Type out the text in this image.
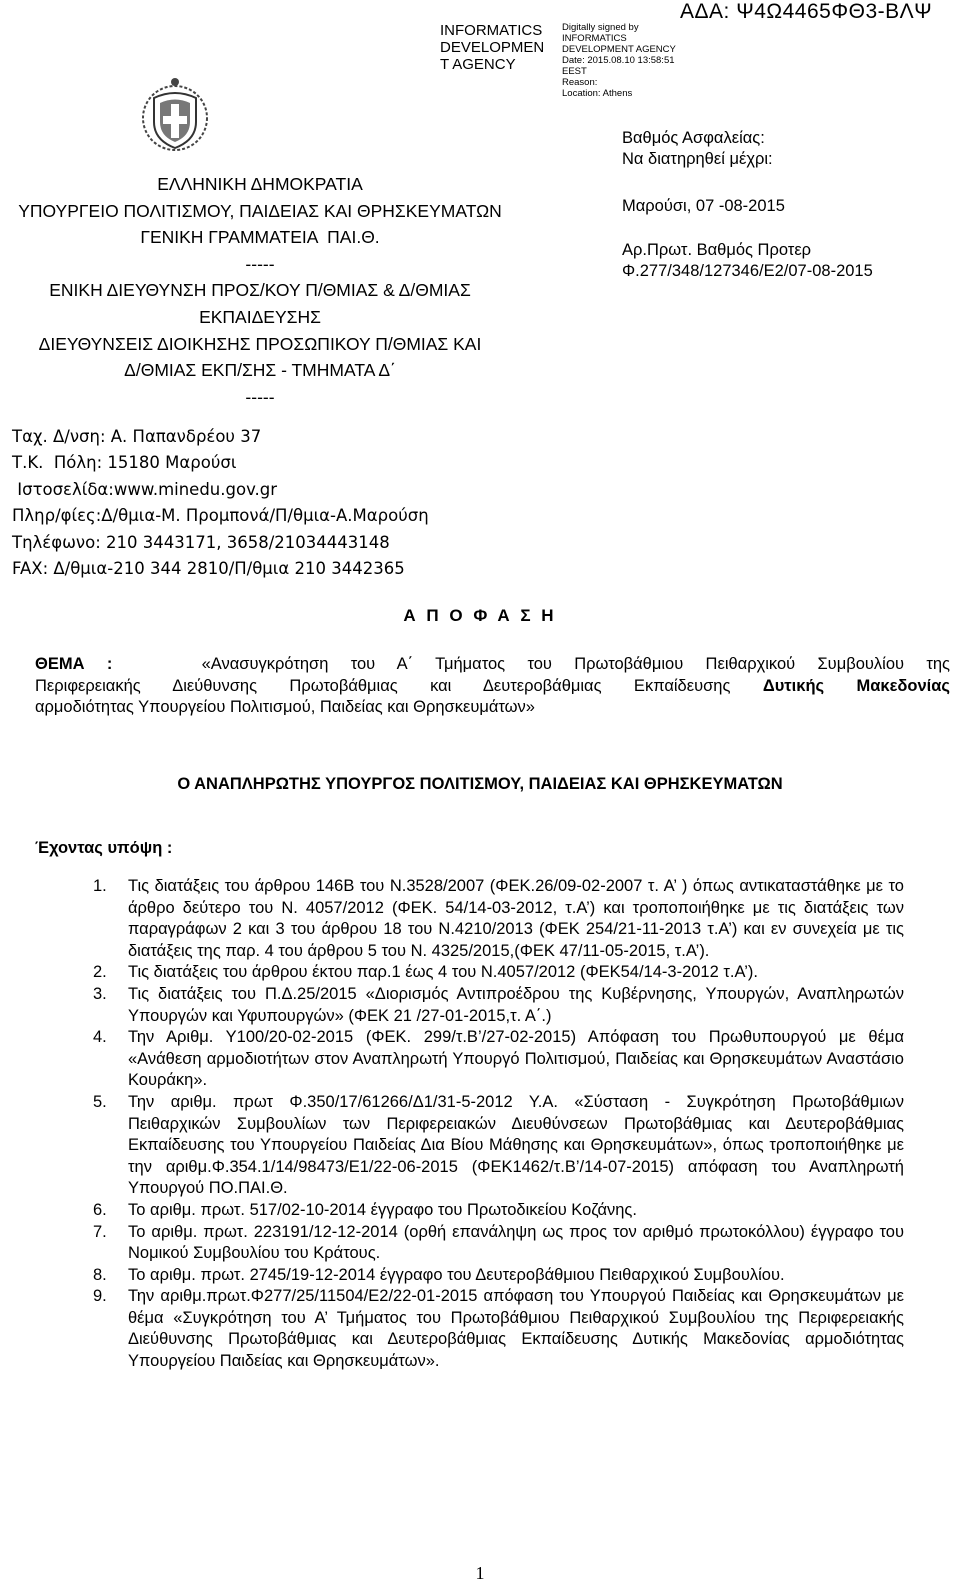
INFORMATICS
DEVELOPMEN
T AGENCY
Digitally signed by
INFORMATICS
DEVELOPMENT AGENCY
Date: 2015.08.10 13:58:51
EEST
Reason:
Location: Athens
ΑΔΑ: Ψ4Ω4465ΦΘ3-ΒΛΨ
ΕΛΛΗΝΙΚΗ ΔΗΜΟΚΡΑΤΙΑ
ΥΠΟΥΡΓΕΙΟ ΠΟΛΙΤΙΣΜΟΥ, ΠΑΙΔΕΙΑΣ ΚΑΙ ΘΡΗΣΚΕΥΜΑΤΩΝ
ΓΕΝΙΚΗ ΓΡΑΜΜΑΤΕΙΑ  ΠΑΙ.Θ.
-----
ΕΝΙΚΗ ΔΙΕΥΘΥΝΣΗ ΠΡΟΣ/ΚΟΥ Π/ΘΜΙΑΣ & Δ/ΘΜΙΑΣ
ΕΚΠΑΙΔΕΥΣΗΣ
ΔΙΕΥΘΥΝΣΕΙΣ ΔΙΟΙΚΗΣΗΣ ΠΡΟΣΩΠΙΚΟΥ Π/ΘΜΙΑΣ ΚΑΙ
Δ/ΘΜΙΑΣ ΕΚΠ/ΣΗΣ - ΤΜΗΜΑΤΑ Δ΄
-----
Ταχ. Δ/νση: Α. Παπανδρέου 37
Τ.Κ.  Πόλη: 15180 Μαρούσι
Ιστοσελίδα:www.minedu.gov.gr
Πληρ/φίες:Δ/θμια-Μ. Προμπονά/Π/θμια-Α.Μαρούση
Τηλέφωνο: 210 3443171, 3658/21034443148
FAX: Δ/θμια-210 344 2810/Π/θμια 210 3442365
Βαθμός Ασφαλείας:
Να διατηρηθεί μέχρι:
Μαρούσι, 07 -08-2015
Αρ.Πρωτ. Βαθμός Προτερ
Φ.277/348/127346/Ε2/07-08-2015
Α Π Ο Φ Α Σ Η
ΘΕΜΑ :	«Ανασυγκρότηση του Α΄ Τμήματος του Πρωτοβάθμιου Πειθαρχικού Συμβουλίου της
Περιφερειακής Διεύθυνσης Πρωτοβάθμιας και Δευτεροβάθμιας Εκπαίδευσης Δυτικής Μακεδονίας
αρμοδιότητας Υπουργείου Πολιτισμού, Παιδείας και Θρησκευμάτων»
Ο ΑΝΑΠΛΗΡΩΤΗΣ ΥΠΟΥΡΓΟΣ ΠΟΛΙΤΙΣΜΟΥ, ΠΑΙΔΕΙΑΣ ΚΑΙ ΘΡΗΣΚΕΥΜΑΤΩΝ
Έχοντας υπόψη :
1. Τις διατάξεις του άρθρου 146Β του Ν.3528/2007 (ΦΕΚ.26/09-02-2007 τ. Α’ ) όπως αντικαταστάθηκε με το άρθρο δεύτερο του Ν. 4057/2012 (ΦΕΚ. 54/14-03-2012, τ.Α’) και τροποποιήθηκε με τις διατάξεις των παραγράφων 2 και 3 του άρθρου 18 του Ν.4210/2013 (ΦΕΚ 254/21-11-2013 τ.Α’) και εν συνεχεία με τις διατάξεις της παρ. 4 του άρθρου 5 του Ν. 4325/2015,(ΦΕΚ 47/11-05-2015, τ.Α’).
2. Τις διατάξεις του άρθρου έκτου παρ.1 έως 4 του Ν.4057/2012 (ΦΕΚ54/14-3-2012 τ.Α’).
3. Τις διατάξεις του Π.Δ.25/2015 «Διορισμός Αντιπροέδρου της Κυβέρνησης, Υπουργών, Αναπληρωτών Υπουργών και Υφυπουργών» (ΦΕΚ 21 /27-01-2015,τ. Α΄.)
4. Την Αριθμ. Υ100/20-02-2015 (ΦΕΚ. 299/τ.Β’/27-02-2015) Απόφαση του Πρωθυπουργού με θέμα «Ανάθεση αρμοδιοτήτων στον Αναπληρωτή Υπουργό Πολιτισμού, Παιδείας και Θρησκευμάτων Αναστάσιο Κουράκη».
5. Την αριθμ. πρωτ Φ.350/17/61266/Δ1/31-5-2012 Υ.Α. «Σύσταση - Συγκρότηση Πρωτοβάθμιων Πειθαρχικών Συμβουλίων των Περιφερειακών Διευθύνσεων Πρωτοβάθμιας και Δευτεροβάθμιας Εκπαίδευσης του Υπουργείου Παιδείας Δια Βίου Μάθησης και Θρησκευμάτων», όπως τροποποιήθηκε με την αριθμ.Φ.354.1/14/98473/Ε1/22-06-2015 (ΦΕΚ1462/τ.Β’/14-07-2015) απόφαση του Αναπληρωτή Υπουργού ΠΟ.ΠΑΙ.Θ.
6. Το αριθμ. πρωτ. 517/02-10-2014 έγγραφο του Πρωτοδικείου Κοζάνης.
7. Το αριθμ. πρωτ. 223191/12-12-2014 (ορθή επανάληψη ως προς τον αριθμό πρωτοκόλλου) έγγραφο του Νομικού Συμβουλίου του Κράτους.
8. Το αριθμ. πρωτ. 2745/19-12-2014 έγγραφο του Δευτεροβάθμιου Πειθαρχικού Συμβουλίου.
9. Την αριθμ.πρωτ.Φ277/25/11504/Ε2/22-01-2015 απόφαση του Υπουργού Παιδείας και Θρησκευμάτων με θέμα «Συγκρότηση του Α’ Τμήματος του Πρωτοβάθμιου Πειθαρχικού Συμβουλίου της Περιφερειακής Διεύθυνσης Πρωτοβάθμιας και Δευτεροβάθμιας Εκπαίδευσης Δυτικής Μακεδονίας αρμοδιότητας Υπουργείου Παιδείας και Θρησκευμάτων».
1
